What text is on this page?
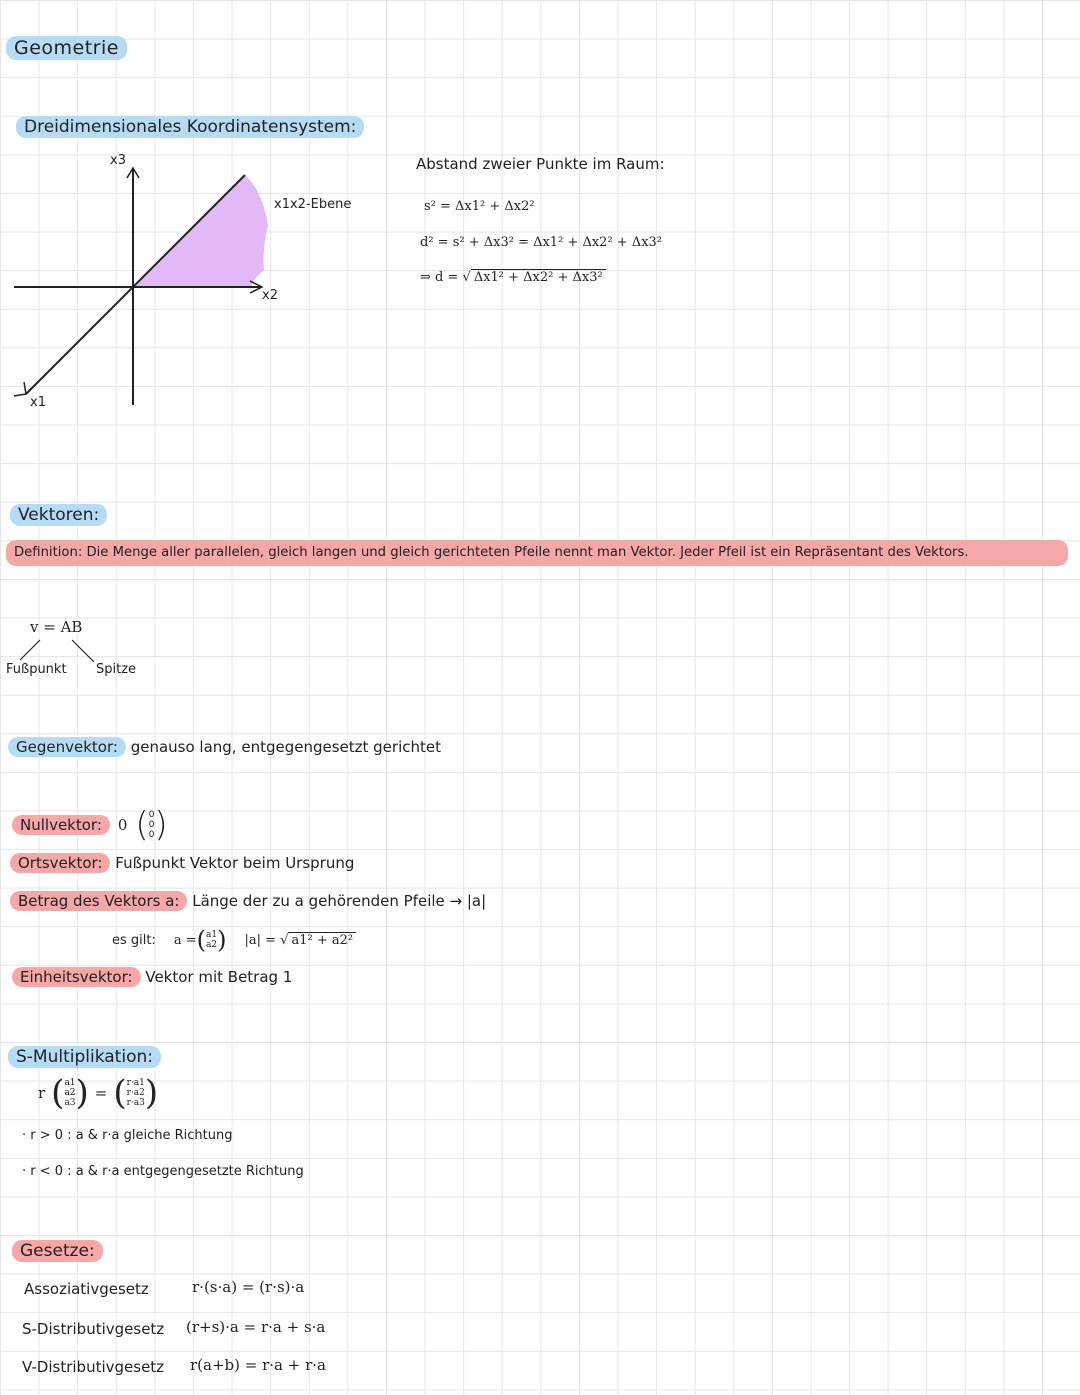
Geometrie
Dreidimensionales Koordinatensystem:
x3
x2
x1
x1x2-Ebene
Abstand zweier Punkte im Raum:
s² = Δx1² + Δx2²
d² = s² + Δx3² = Δx1² + Δx2² + Δx3²
⇒ d = √ Δx1² + Δx2² + Δx3²
Vektoren:
Definition: Die Menge aller parallelen, gleich langen und gleich gerichteten Pfeile nennt man Vektor. Jeder Pfeil ist ein Repräsentant des Vektors.
v = AB
Fußpunkt Spitze
Gegenvektor: genauso lang, entgegengesetzt gerichtet
Nullvektor:	0 ( 0
0
0 )
Ortsvektor: Fußpunkt Vektor beim Ursprung
Betrag des Vektors a: Länge der zu a gehörenden Pfeile → |a|
es gilt: a = ( a1
a2 ) |a| = √ a1² + a2²
Einheitsvektor: Vektor mit Betrag 1
S-Multiplikation:
r ( a1
a2
a3 ) = ( r·a1
r·a2
r·a3 )
· r > 0 : a & r·a gleiche Richtung
· r < 0 : a & r·a entgegengesetzte Richtung
Gesetze:
Assoziativgesetz	r·(s·a) = (r·s)·a
S-Distributivgesetz (r+s)·a = r·a + s·a
V-Distributivgesetz r(a+b) = r·a + r·a
